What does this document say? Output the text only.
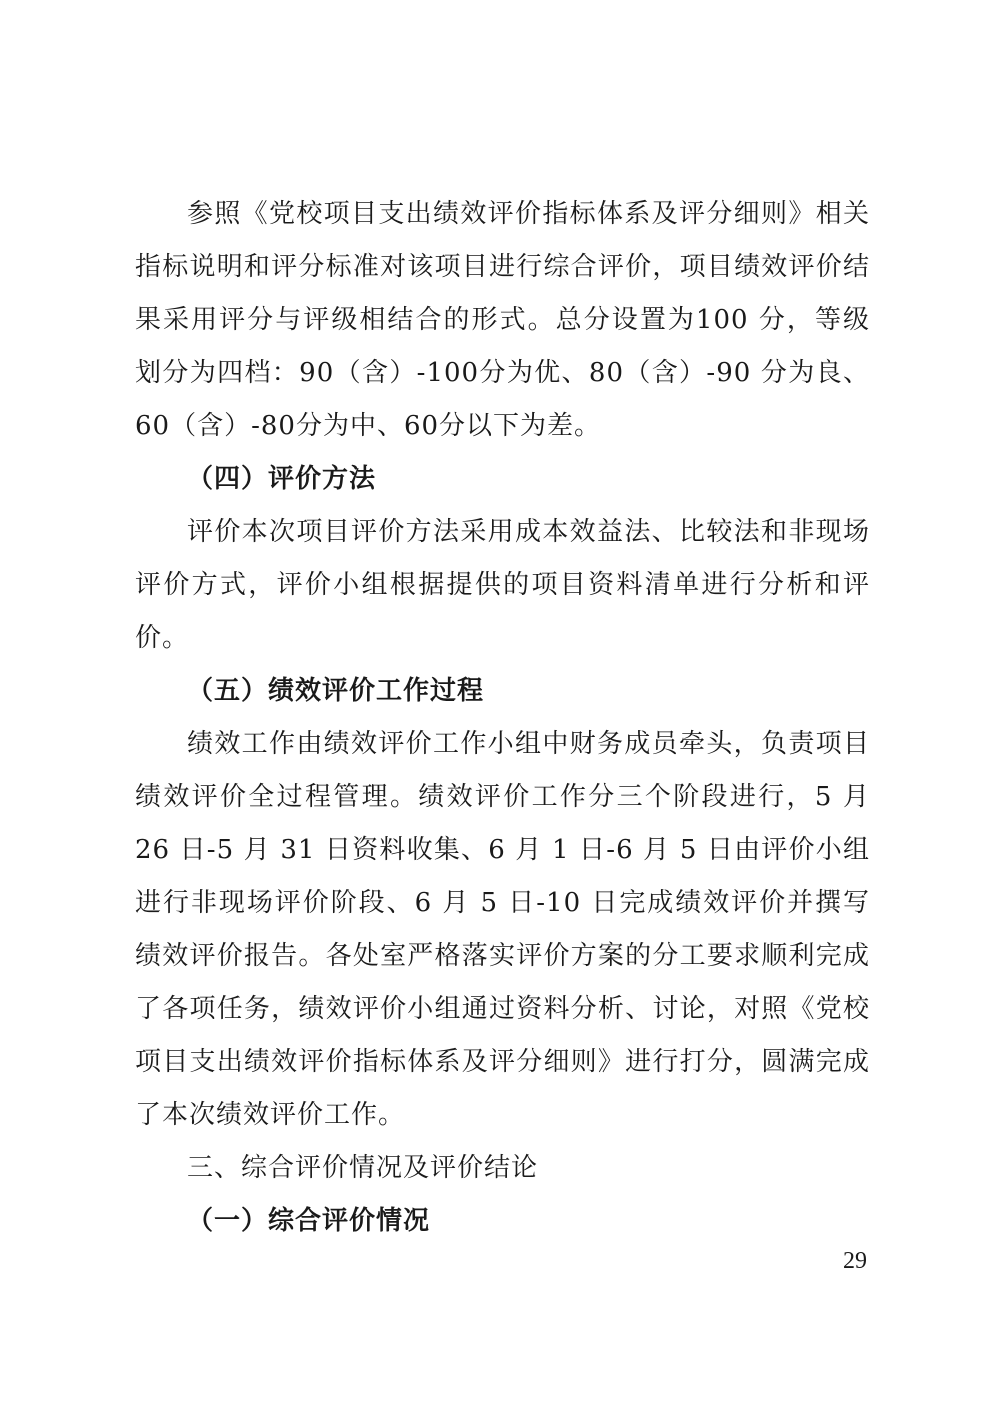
参照《党校项目支出绩效评价指标体系及评分细则》相关指标说明和评分标准对该项目进行综合评价，项目绩效评价结果采用评分与评级相结合的形式。总分设置为100 分，等级划分为四档：90（含）-100分为优、80（含）-90 分为良、60（含）-80分为中、60分以下为差。

（四）评价方法

评价本次项目评价方法采用成本效益法、比较法和非现场评价方式，评价小组根据提供的项目资料清单进行分析和评价。

（五）绩效评价工作过程

绩效工作由绩效评价工作小组中财务成员牵头，负责项目绩效评价全过程管理。绩效评价工作分三个阶段进行，5 月 26 日-5 月 31 日资料收集、6 月 1 日-6 月 5 日由评价小组进行非现场评价阶段、6 月 5 日-10 日完成绩效评价并撰写绩效评价报告。各处室严格落实评价方案的分工要求顺利完成了各项任务，绩效评价小组通过资料分析、讨论，对照《党校项目支出绩效评价指标体系及评分细则》进行打分，圆满完成了本次绩效评价工作。

三、综合评价情况及评价结论

（一）综合评价情况

29
